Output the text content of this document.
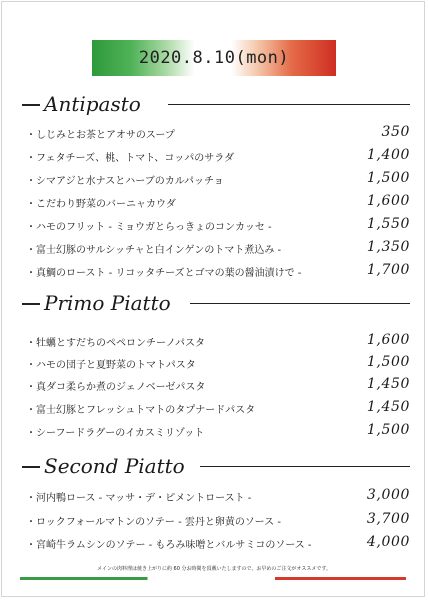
2020.8.10(mon)
Antipasto
・しじみとお茶とアオサのスープ	350
・フェタチーズ、桃、トマト、コッパのサラダ	1,400
・シマアジと水ナスとハーブのカルパッチョ	1,500
・こだわり野菜のバーニャカウダ	1,600
・ハモのフリット - ミョウガとらっきょのコンカッセ -	1,550
・富士幻豚のサルシッチャと白インゲンのトマト煮込み -	1,350
・真鯛のロースト - リコッタチーズとゴマの葉の醤油漬けで -	1,700
Primo Piatto
・牡蠣とすだちのペペロンチーノパスタ	1,600
・ハモの団子と夏野菜のトマトパスタ	1,500
・真ダコ柔らか煮のジェノベーゼパスタ	1,450
・富士幻豚とフレッシュトマトのタプナードパスタ	1,450
・シーフードラグーのイカスミリゾット	1,500
Second Piatto
・河内鴨ロース - マッサ・デ・ピメントロースト -	3,000
・ロックフォールマトンのソテー - 雲丹と卵黄のソース -	3,700
・宮崎牛ラムシンのソテー - もろみ味噌とバルサミコのソース -	4,000
メインの肉料理は焼き上がりに約 60 分お時間を頂戴いたしますので、お早めのご注文がオススメです。
